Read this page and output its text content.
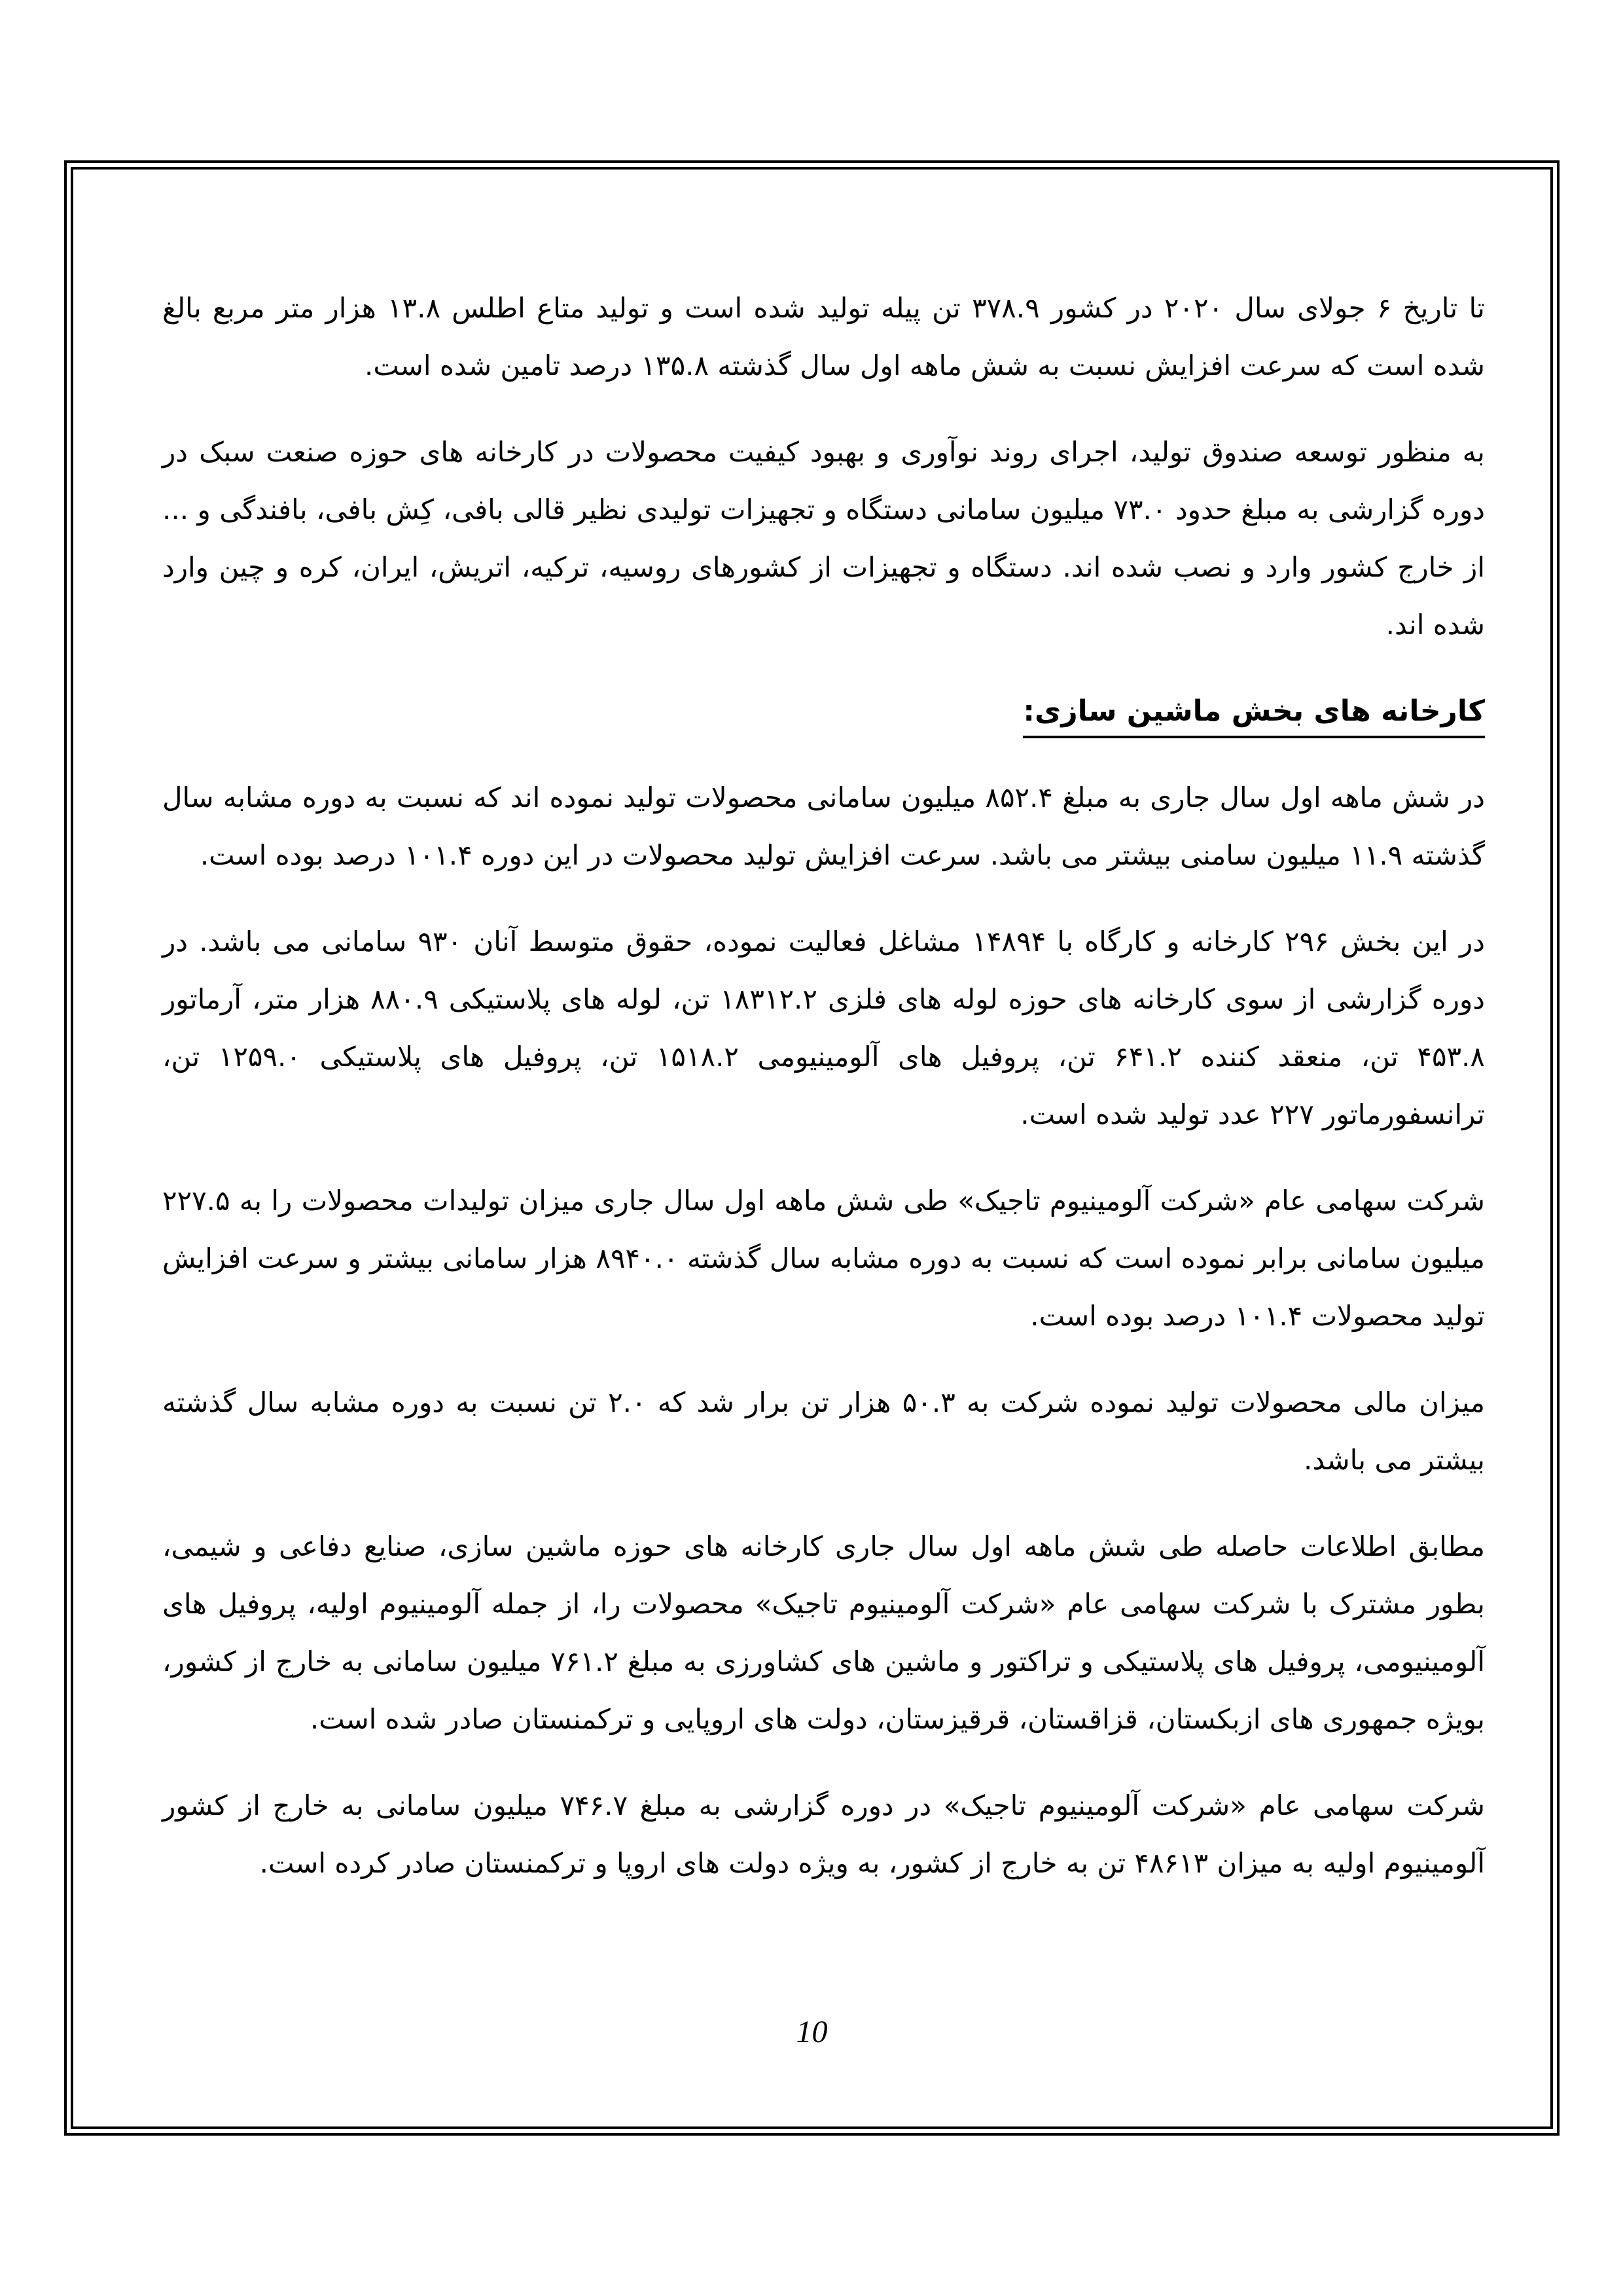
تا تاریخ ۶ جولای سال ۲۰۲۰ در کشور ۳۷۸.۹ تن پیله تولید شده است و تولید متاع اطلس ۱۳.۸ هزار متر مربع بالغ شده است که سرعت افزایش نسبت به شش ماهه اول سال گذشته ۱۳۵.۸ درصد تامین شده است.

به منظور توسعه صندوق تولید، اجرای روند نوآوری و بهبود کیفیت محصولات در کارخانه های حوزه صنعت سبک در دوره گزارشی به مبلغ حدود ۷۳.۰ میلیون سامانی دستگاه و تجهیزات تولیدی نظیر قالی بافی، کِش بافی، بافندگی و ... از خارج کشور وارد و نصب شده اند. دستگاه و تجهیزات از کشورهای روسیه، ترکیه، اتریش، ایران، کره و چین وارد شده اند.

کارخانه های بخش ماشین سازی:

در شش ماهه اول سال جاری به مبلغ ۸۵۲.۴ میلیون سامانی محصولات تولید نموده اند که نسبت به دوره مشابه سال گذشته ۱۱.۹ میلیون سامنی بیشتر می باشد. سرعت افزایش تولید محصولات در این دوره ۱۰۱.۴ درصد بوده است.

در این بخش ۲۹۶ کارخانه و کارگاه با ۱۴۸۹۴ مشاغل فعالیت نموده، حقوق متوسط آنان ۹۳۰ سامانی می باشد. در دوره گزارشی از سوی کارخانه های حوزه لوله های فلزی ۱۸۳۱۲.۲ تن، لوله های پلاستیکی ۸۸۰.۹ هزار متر، آرماتور ۴۵۳.۸ تن، منعقد کننده ۶۴۱.۲ تن، پروفیل های آلومینیومی ۱۵۱۸.۲ تن، پروفیل های پلاستیکی ۱۲۵۹.۰ تن، ترانسفورماتور ۲۲۷ عدد تولید شده است.

شرکت سهامی عام «شرکت آلومینیوم تاجیک» طی شش ماهه اول سال جاری میزان تولیدات محصولات را به ۲۲۷.۵ میلیون سامانی برابر نموده است که نسبت به دوره مشابه سال گذشته ۸۹۴۰.۰ هزار سامانی بیشتر و سرعت افزایش تولید محصولات ۱۰۱.۴ درصد بوده است.

میزان مالی محصولات تولید نموده شرکت به ۵۰.۳ هزار تن برار شد که ۲.۰ تن نسبت به دوره مشابه سال گذشته بیشتر می باشد.

مطابق اطلاعات حاصله طی شش ماهه اول سال جاری کارخانه های حوزه ماشین سازی، صنایع دفاعی و شیمی، بطور مشترک با شرکت سهامی عام «شرکت آلومینیوم تاجیک» محصولات را، از جمله آلومینیوم اولیه، پروفیل های آلومینیومی، پروفیل های پلاستیکی و تراکتور و ماشین های کشاورزی به مبلغ ۷۶۱.۲ میلیون سامانی به خارج از کشور، بویژه جمهوری های ازبکستان، قزاقستان، قرقیزستان، دولت های اروپایی و ترکمنستان صادر شده است.

شرکت سهامی عام «شرکت آلومینیوم تاجیک» در دوره گزارشی به مبلغ ۷۴۶.۷ میلیون سامانی به خارج از کشور آلومینیوم اولیه به میزان ۴۸۶۱۳ تن به خارج از کشور، به ویژه دولت های اروپا و ترکمنستان صادر کرده است.

10
